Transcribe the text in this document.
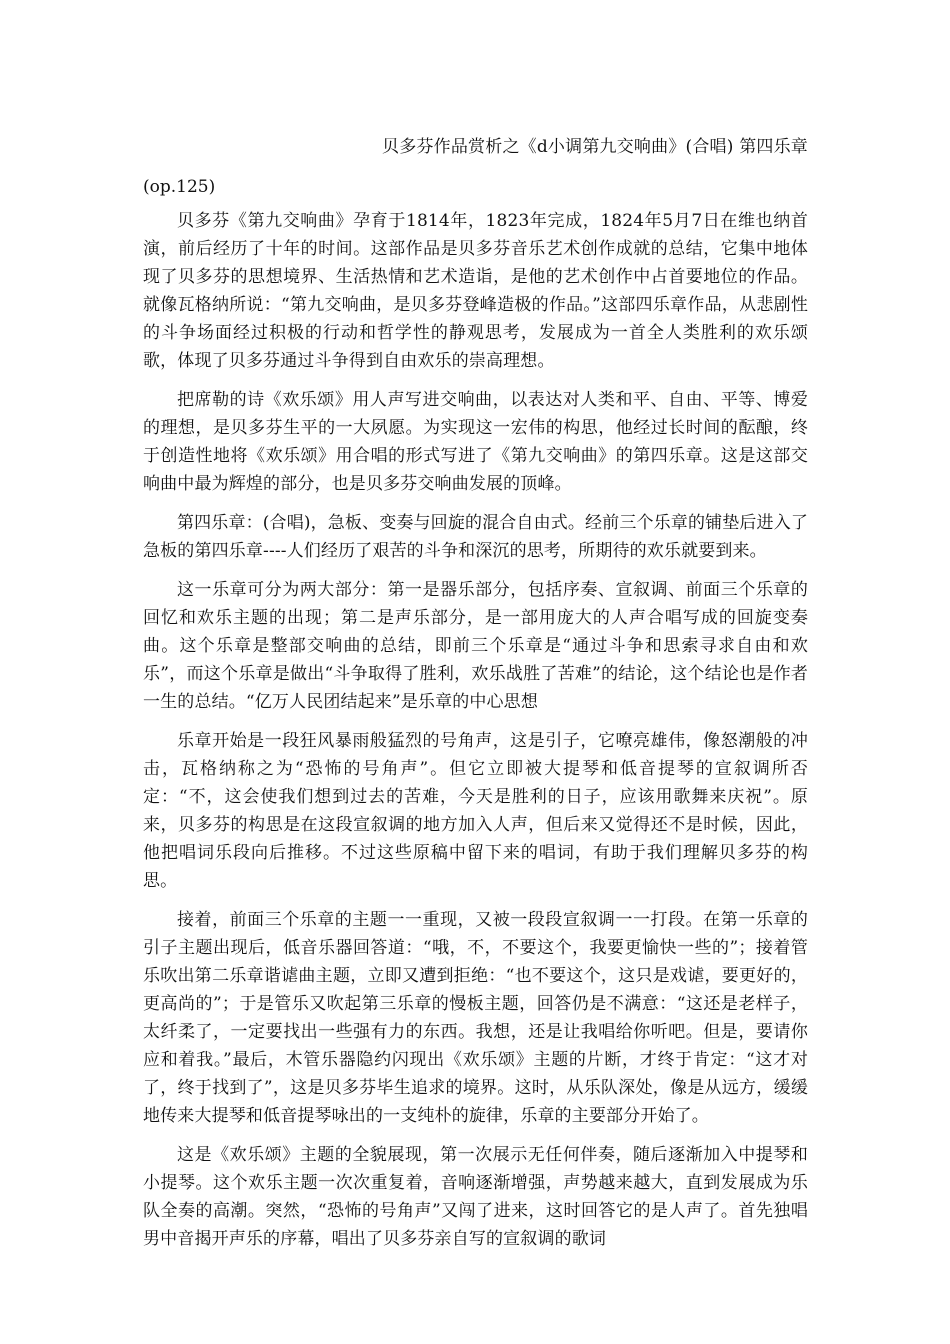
贝多芬作品赏析之《d小调第九交响曲》(合唱) 第四乐章
(op.125)

贝多芬《第九交响曲》孕育于1814年，1823年完成，1824年5月7日在维也纳首演，前后经历了十年的时间。这部作品是贝多芬音乐艺术创作成就的总结，它集中地体现了贝多芬的思想境界、生活热情和艺术造诣，是他的艺术创作中占首要地位的作品。就像瓦格纳所说：“第九交响曲，是贝多芬登峰造极的作品。”这部四乐章作品，从悲剧性的斗争场面经过积极的行动和哲学性的静观思考，发展成为一首全人类胜利的欢乐颂歌，体现了贝多芬通过斗争得到自由欢乐的崇高理想。

把席勒的诗《欢乐颂》用人声写进交响曲，以表达对人类和平、自由、平等、博爱的理想，是贝多芬生平的一大夙愿。为实现这一宏伟的构思，他经过长时间的酝酿，终于创造性地将《欢乐颂》用合唱的形式写进了《第九交响曲》的第四乐章。这是这部交响曲中最为辉煌的部分，也是贝多芬交响曲发展的顶峰。

第四乐章：(合唱)，急板、变奏与回旋的混合自由式。经前三个乐章的铺垫后进入了急板的第四乐章----人们经历了艰苦的斗争和深沉的思考，所期待的欢乐就要到来。

这一乐章可分为两大部分：第一是器乐部分，包括序奏、宣叙调、前面三个乐章的回忆和欢乐主题的出现；第二是声乐部分，是一部用庞大的人声合唱写成的回旋变奏曲。这个乐章是整部交响曲的总结，即前三个乐章是“通过斗争和思索寻求自由和欢乐”，而这个乐章是做出“斗争取得了胜利，欢乐战胜了苦难”的结论，这个结论也是作者一生的总结。“亿万人民团结起来”是乐章的中心思想

乐章开始是一段狂风暴雨般猛烈的号角声，这是引子，它嘹亮雄伟，像怒潮般的冲击，瓦格纳称之为“恐怖的号角声”。但它立即被大提琴和低音提琴的宣叙调所否定：“不，这会使我们想到过去的苦难，今天是胜利的日子，应该用歌舞来庆祝”。原来，贝多芬的构思是在这段宣叙调的地方加入人声，但后来又觉得还不是时候，因此，他把唱词乐段向后推移。不过这些原稿中留下来的唱词，有助于我们理解贝多芬的构思。

接着，前面三个乐章的主题一一重现，又被一段段宣叙调一一打段。在第一乐章的引子主题出现后，低音乐器回答道：“哦，不，不要这个，我要更愉快一些的”；接着管乐吹出第二乐章谐谑曲主题，立即又遭到拒绝：“也不要这个，这只是戏谑，要更好的，更高尚的”；于是管乐又吹起第三乐章的慢板主题，回答仍是不满意：“这还是老样子，太纤柔了，一定要找出一些强有力的东西。我想，还是让我唱给你听吧。但是，要请你应和着我。”最后，木管乐器隐约闪现出《欢乐颂》主题的片断，才终于肯定：“这才对了，终于找到了”，这是贝多芬毕生追求的境界。这时，从乐队深处，像是从远方，缓缓地传来大提琴和低音提琴咏出的一支纯朴的旋律，乐章的主要部分开始了。

这是《欢乐颂》主题的全貌展现，第一次展示无任何伴奏，随后逐渐加入中提琴和小提琴。这个欢乐主题一次次重复着，音响逐渐增强，声势越来越大，直到发展成为乐队全奏的高潮。突然，“恐怖的号角声”又闯了进来，这时回答它的是人声了。首先独唱男中音揭开声乐的序幕，唱出了贝多芬亲自写的宣叙调的歌词
